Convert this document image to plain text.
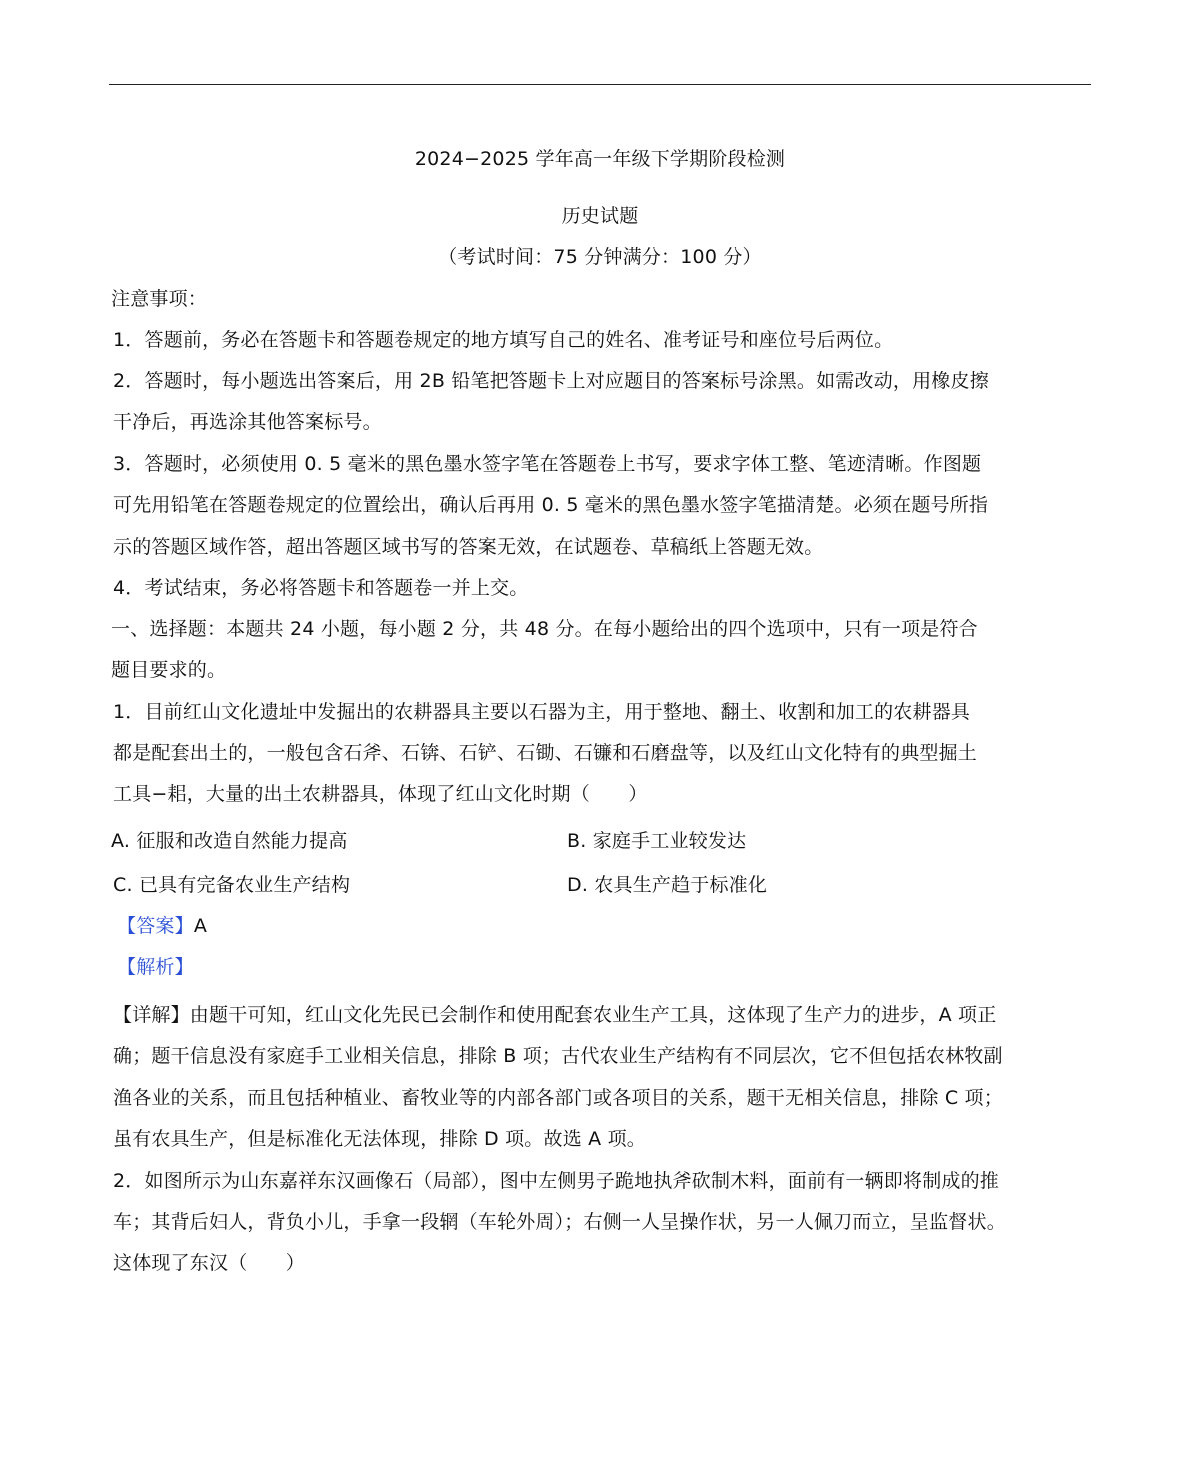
2024−2025 学年高一年级下学期阶段检测
历史试题
（考试时间：75 分钟满分：100 分）
注意事项：
1．答题前，务必在答题卡和答题卷规定的地方填写自己的姓名、准考证号和座位号后两位。
2．答题时，每小题选出答案后，用 2B 铅笔把答题卡上对应题目的答案标号涂黑。如需改动，用橡皮擦
干净后，再选涂其他答案标号。
3．答题时，必须使用 0. 5 毫米的黑色墨水签字笔在答题卷上书写，要求字体工整、笔迹清晰。作图题
可先用铅笔在答题卷规定的位置绘出，确认后再用 0. 5 毫米的黑色墨水签字笔描清楚。必须在题号所指
示的答题区域作答，超出答题区域书写的答案无效，在试题卷、草稿纸上答题无效。
4．考试结束，务必将答题卡和答题卷一并上交。
一、选择题：本题共 24 小题，每小题 2 分，共 48 分。在每小题给出的四个选项中，只有一项是符合
题目要求的。
1．目前红山文化遗址中发掘出的农耕器具主要以石器为主，用于整地、翻土、收割和加工的农耕器具
都是配套出土的，一般包含石斧、石锛、石铲、石锄、石镰和石磨盘等，以及红山文化特有的典型掘土
工具−耜，大量的出土农耕器具，体现了红山文化时期（　　）
A. 征服和改造自然能力提高	B. 家庭手工业较发达
C. 已具有完备农业生产结构	D. 农具生产趋于标准化
【答案】A
【解析】
【详解】由题干可知，红山文化先民已会制作和使用配套农业生产工具，这体现了生产力的进步，A 项正
确；题干信息没有家庭手工业相关信息，排除 B 项；古代农业生产结构有不同层次，它不但包括农林牧副
渔各业的关系，而且包括种植业、畜牧业等的内部各部门或各项目的关系，题干无相关信息，排除 C 项；
虽有农具生产，但是标准化无法体现，排除 D 项。故选 A 项。
2．如图所示为山东嘉祥东汉画像石（局部），图中左侧男子跪地执斧砍制木料，面前有一辆即将制成的推
车；其背后妇人，背负小儿，手拿一段辋（车轮外周）；右侧一人呈操作状，另一人佩刀而立，呈监督状。
这体现了东汉（　　）
